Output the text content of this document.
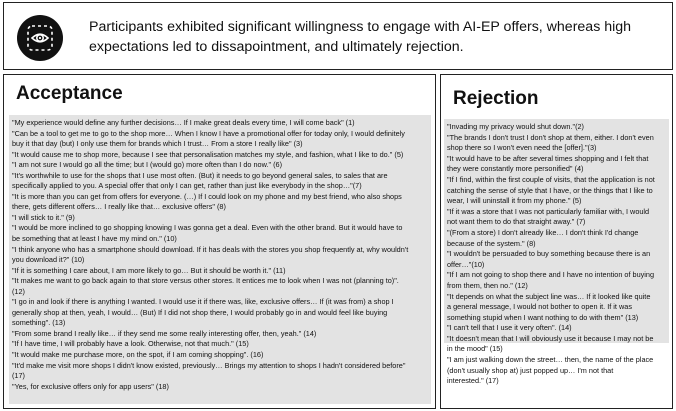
Participants exhibited significant willingness to engage with AI-EP offers, whereas high expectations led to dissapointment, and ultimately rejection.
Acceptance
"My experience would define any further decisions… If I make great deals every time, I will come back" (1)
"Can be a tool to get me to go to the shop more… When I know I have a promotional offer for today only, I would definitely
buy it that day (but) I only use them for brands which I trust… From a store I really like" (3)
"It would cause me to shop more, because I see that personalisation matches my style, and fashion, what I like to do." (5)
"I am not sure I would go all the time; but I (would go) more often than I do now." (6)
"It's worthwhile to use for the shops that I use most often. (But) it needs to go beyond general sales, to sales that are
specifically applied to you. A special offer that only I can get, rather than just like everybody in the shop…"(7)
"It is more than you can get from offers for everyone. (…) If I could look on my phone and my best friend, who also shops
there, gets different offers… I really like that… exclusive offers" (8)
"I will stick to it." (9)
"I would be more inclined to go shopping knowing I was gonna get a deal. Even with the other brand. But it would have to
be something that at least I have my mind on." (10)
"I think anyone who has a smartphone should download. If it has deals with the stores you shop frequently at, why wouldn't
you download it?" (10)
"If it is something I care about, I am more likely to go… But it should be worth it." (11)
"It makes me want to go back again to that store versus other stores. It entices me to look when I was not (planning to)".
(12)
"I go in and look if there is anything I wanted. I would use it if there was, like, exclusive offers… If (it was from) a shop I
generally shop at then, yeah, I would… (But) If I did not shop there, I would probably go in and would feel like buying
something". (13)
"From some brand I really like… if they send me some really interesting offer, then, yeah." (14)
"If I have time, I will probably have a look. Otherwise, not that much." (15)
"It would make me purchase more, on the spot, if I am coming shopping". (16)
"It'd make me visit more shops I didn't know existed, previously… Brings my attention to shops I hadn't considered before"
(17)
"Yes, for exclusive offers only for app users" (18)
Rejection
"Invading my privacy would shut down."(2)
"The brands I don't trust I don't shop at them, either. I don't even
shop there so I won't even need the [offer]."(3)
"It would have to be after several times shopping and I felt that
they were constantly more personified" (4)
"If I find, within the first couple of visits, that the application is not
catching the sense of style that I have, or the things that I like to
wear, I will uninstall it from my phone." (5)
"If it was a store that I was not particularly familiar with, I would
not want them to do that straight away." (7)
"(From a store) I don't already like… I don't think I'd change
because of the system." (8)
"I wouldn't be persuaded to buy something because there is an
offer…"(10)
"If I am not going to shop there and I have no intention of buying
from them, then no." (12)
"It depends on what the subject line was… If it looked like quite
a general message, I would not bother to open it. If it was
something stupid when I want nothing to do with them" (13)
"I can't tell that I use it very often". (14)
"It doesn't mean that I will obviously use it because I may not be
in the mood" (15)
"I am just walking down the street… then, the name of the place
(don't usually shop at) just popped up… I'm not that
interested." (17)
